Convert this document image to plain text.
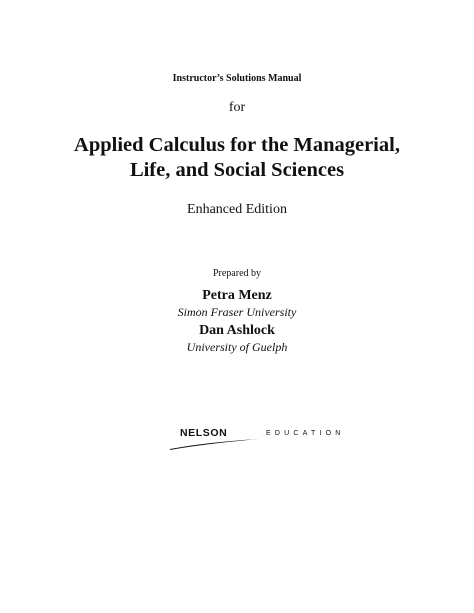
Instructor’s Solutions Manual

for

Applied Calculus for the Managerial,
Life, and Social Sciences

Enhanced Edition

Prepared by

Petra Menz

Simon Fraser University

Dan Ashlock

University of Guelph

NELSON	EDUCATION
